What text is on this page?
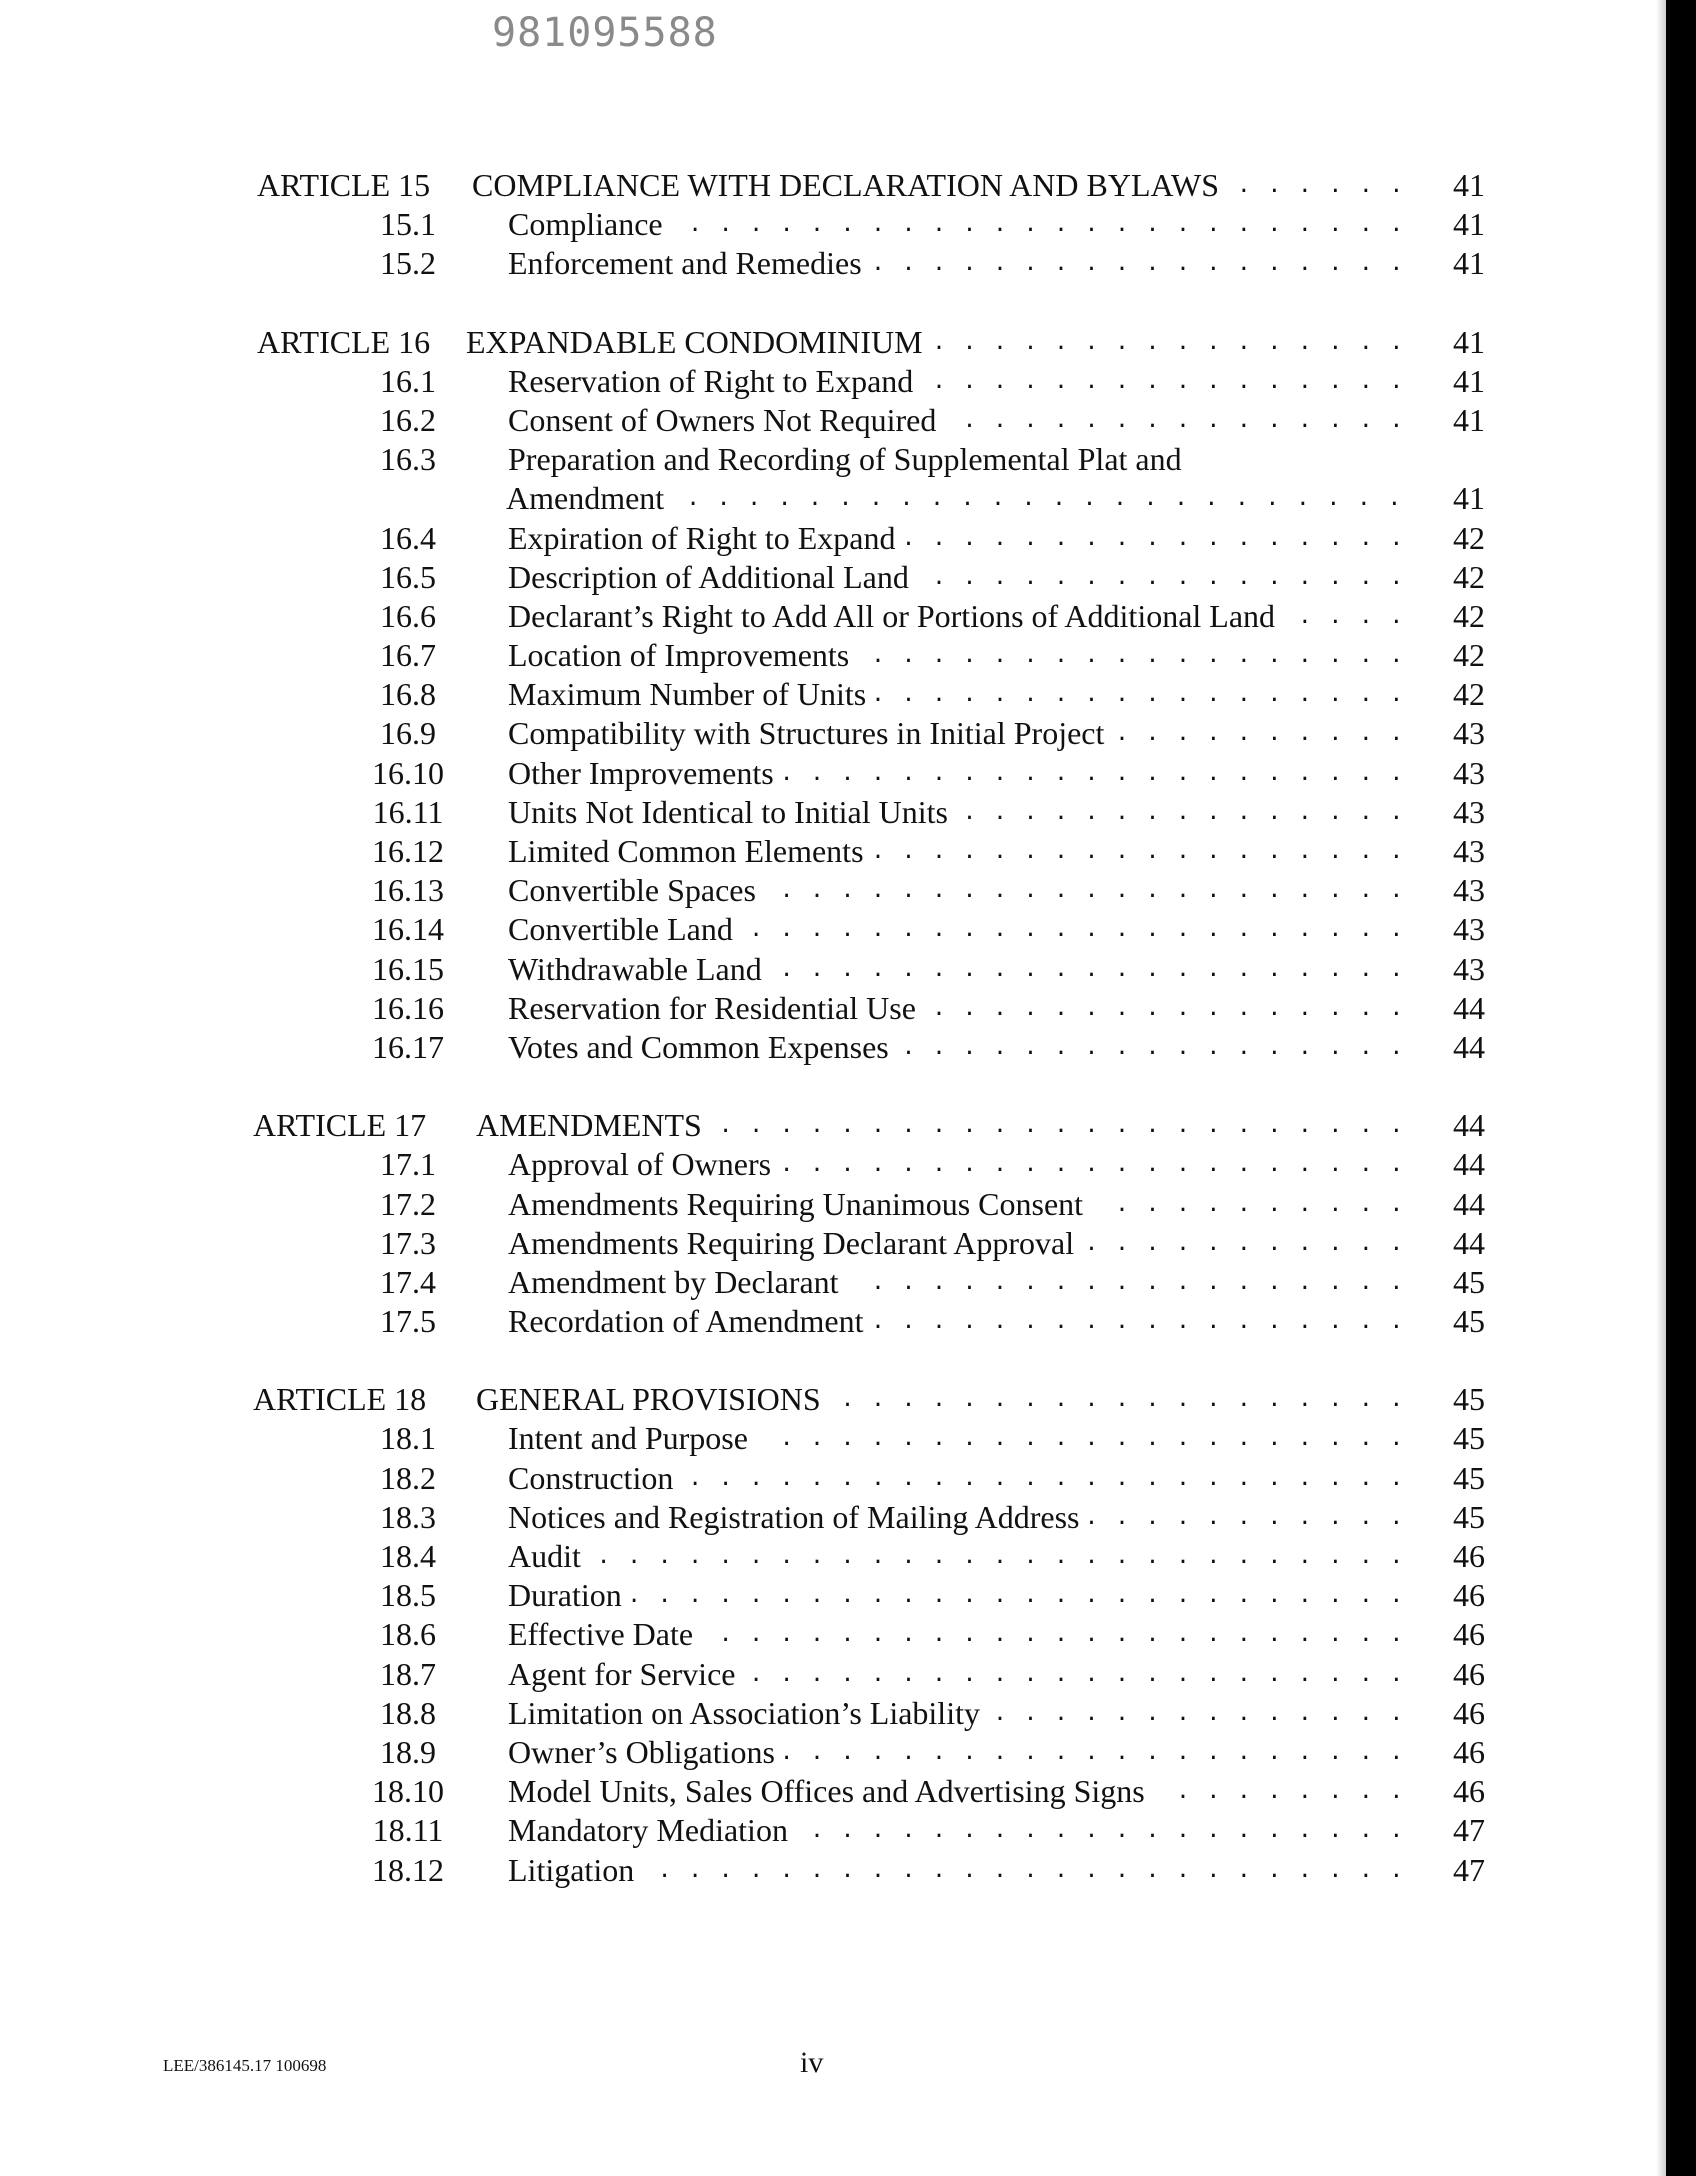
981095588
ARTICLE 15	COMPLIANCE WITH DECLARATION AND BYLAWS . . .	41
15.1	Compliance . . .	41
15.2	Enforcement and Remedies . . .	41
ARTICLE 16	EXPANDABLE CONDOMINIUM . . .	41
16.1	Reservation of Right to Expand . . .	41
16.2	Consent of Owners Not Required . . .	41
16.3	Preparation and Recording of Supplemental Plat and
Amendment . . .	41
16.4	Expiration of Right to Expand . . .	42
16.5	Description of Additional Land . . .	42
16.6	Declarant’s Right to Add All or Portions of Additional Land . . .	42
16.7	Location of Improvements . . .	42
16.8	Maximum Number of Units . . .	42
16.9	Compatibility with Structures in Initial Project . . .	43
16.10	Other Improvements . . .	43
16.11	Units Not Identical to Initial Units . . .	43
16.12	Limited Common Elements . . .	43
16.13	Convertible Spaces . . .	43
16.14	Convertible Land . . .	43
16.15	Withdrawable Land . . .	43
16.16	Reservation for Residential Use . . .	44
16.17	Votes and Common Expenses . . .	44
ARTICLE 17	AMENDMENTS . . .	44
17.1	Approval of Owners . . .	44
17.2	Amendments Requiring Unanimous Consent . . .	44
17.3	Amendments Requiring Declarant Approval . . .	44
17.4	Amendment by Declarant . . .	45
17.5	Recordation of Amendment . . .	45
ARTICLE 18	GENERAL PROVISIONS . . .	45
18.1	Intent and Purpose . . .	45
18.2	Construction . . .	45
18.3	Notices and Registration of Mailing Address . . .	45
18.4	Audit . . .	46
18.5	Duration . . .	46
18.6	Effective Date . . .	46
18.7	Agent for Service . . .	46
18.8	Limitation on Association’s Liability . . .	46
18.9	Owner’s Obligations . . .	46
18.10	Model Units, Sales Offices and Advertising Signs . . .	46
18.11	Mandatory Mediation . . .	47
18.12	Litigation . . .	47
LEE/386145.17 100698	iv
